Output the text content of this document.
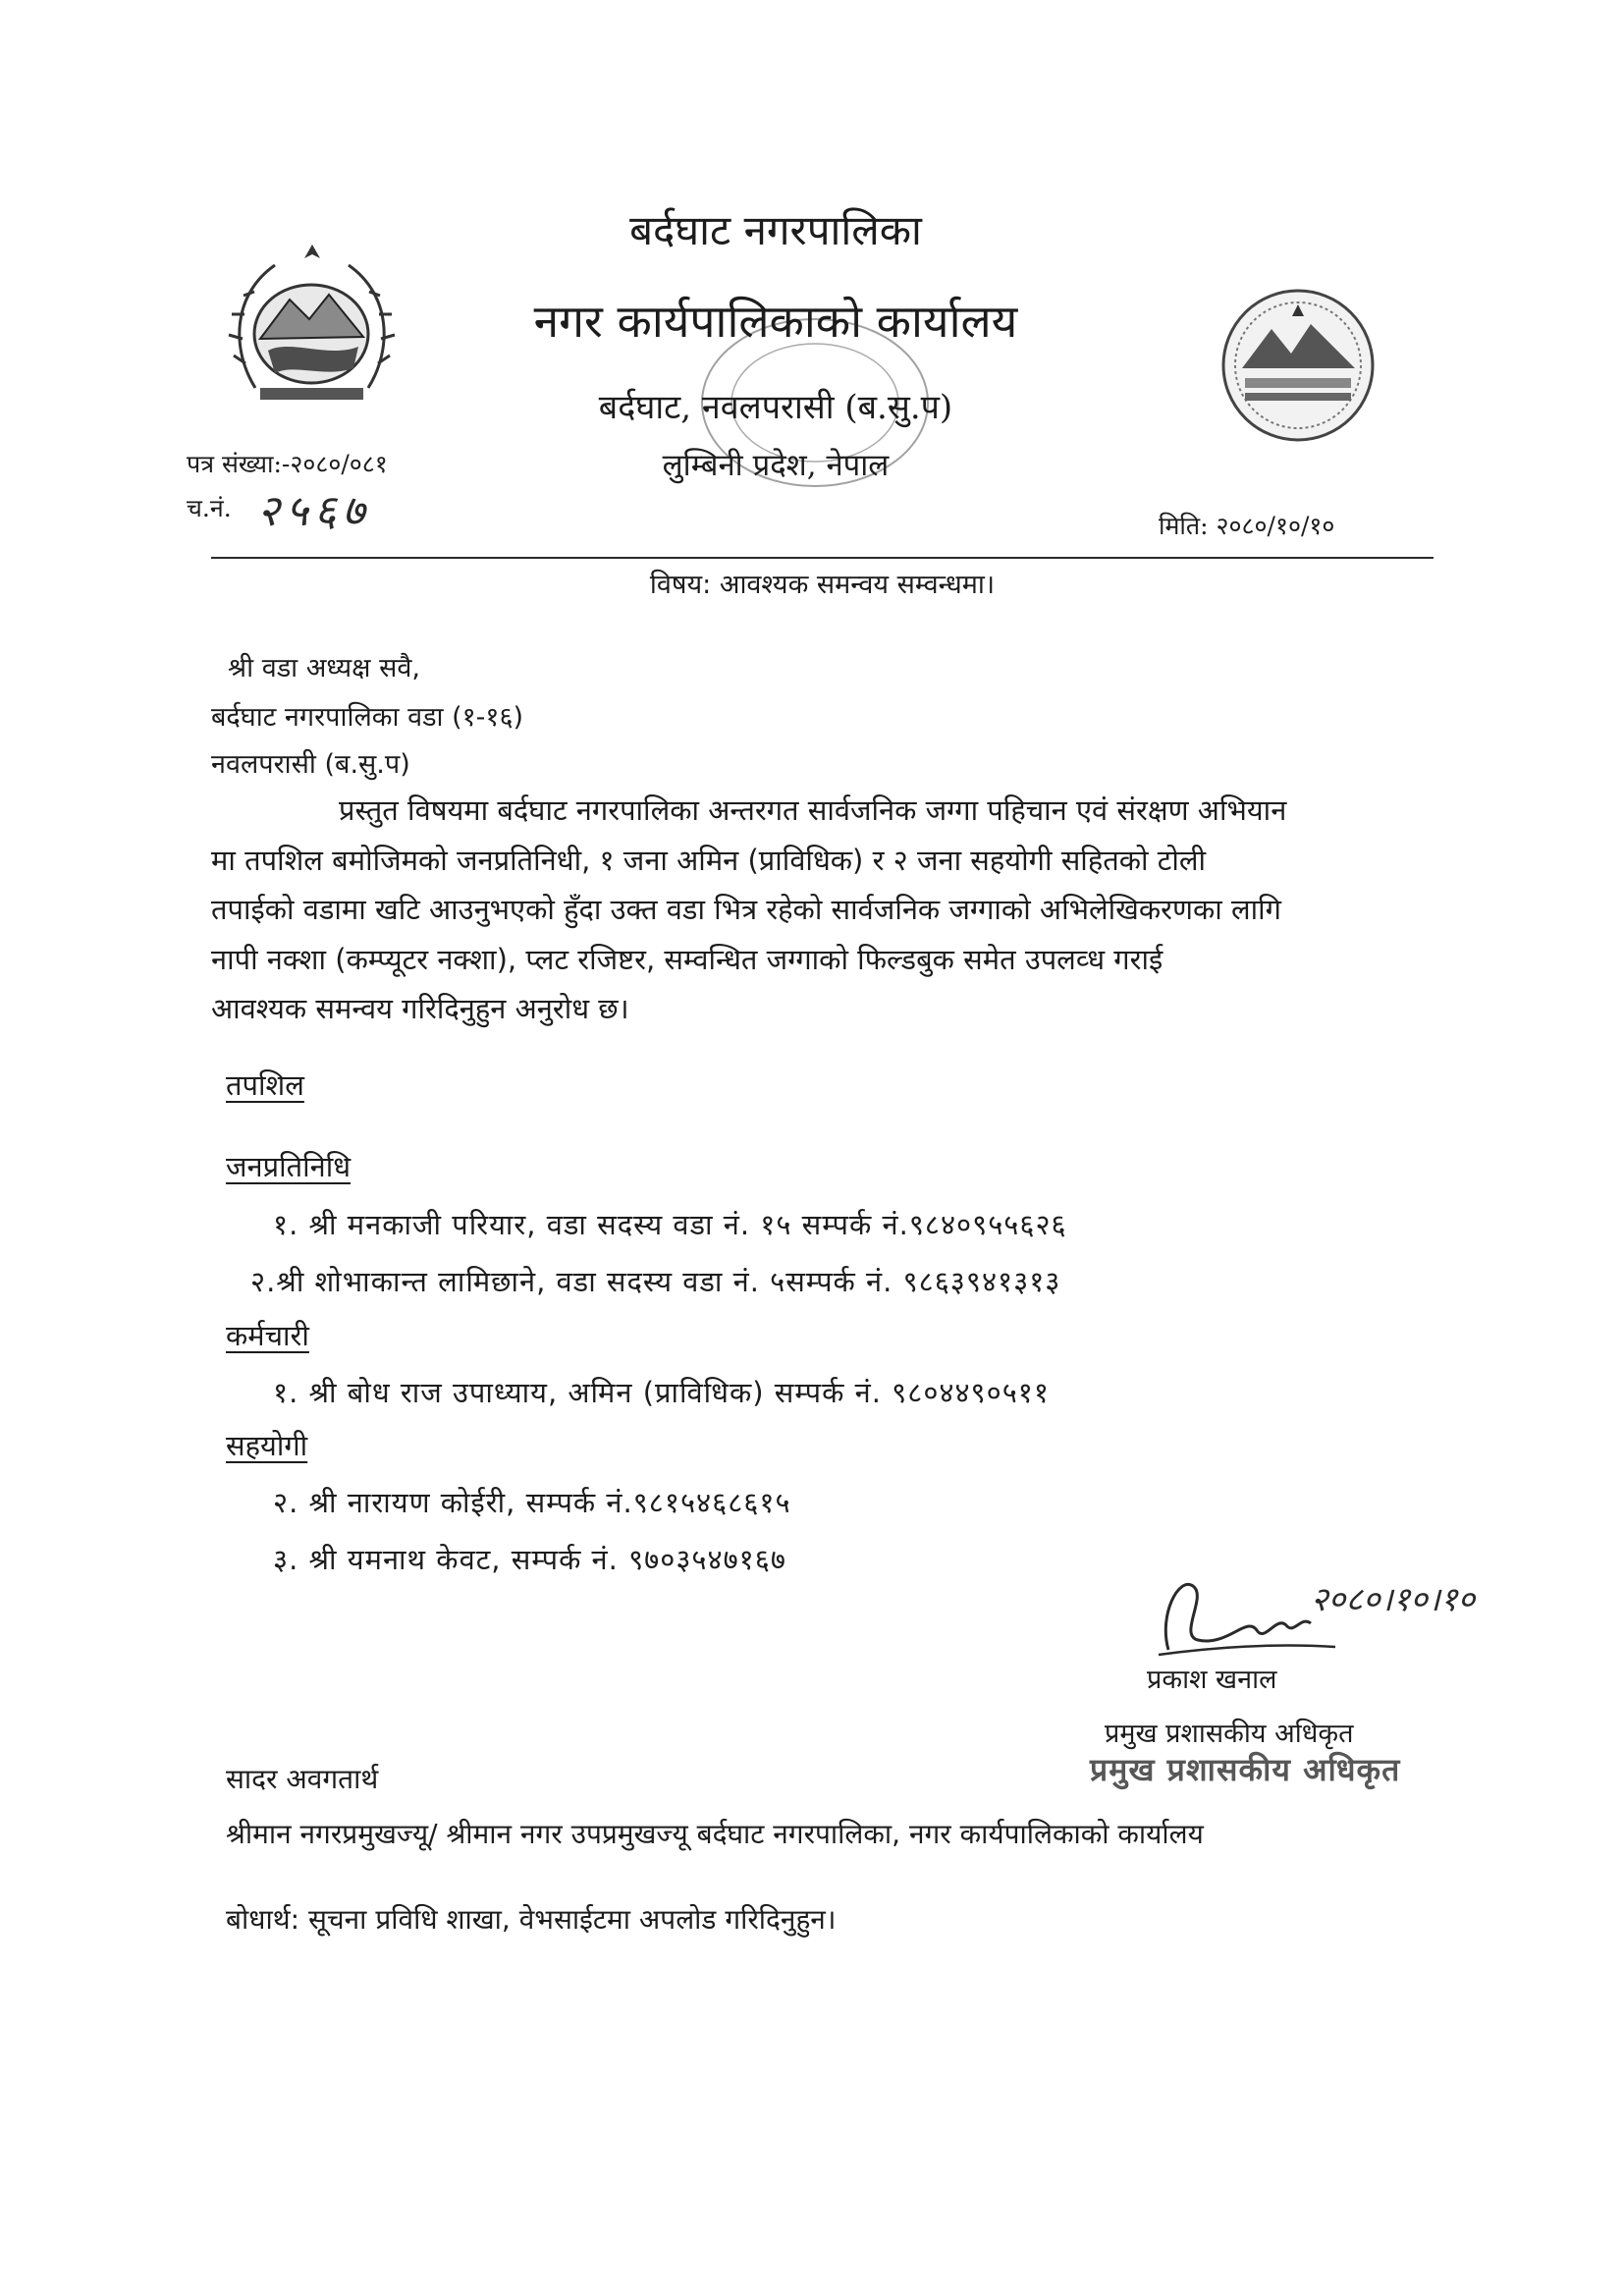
बर्दघाट नगरपालिका
नगर कार्यपालिकाको कार्यालय
बर्दघाट, नवलपरासी (ब.सु.प)
लुम्बिनी प्रदेश, नेपाल
पत्र संख्या:-२०८०/०८१
च.नं. २५६७	मिति: २०८०/१०/१०
विषय: आवश्यक समन्वय सम्वन्धमा।
श्री वडा अध्यक्ष सवै,
बर्दघाट नगरपालिका वडा (१-१६)
नवलपरासी (ब.सु.प)
प्रस्तुत विषयमा बर्दघाट नगरपालिका अन्तरगत सार्वजनिक जग्गा पहिचान एवं संरक्षण अभियान
मा तपशिल बमोजिमको जनप्रतिनिधी, १ जना अमिन (प्राविधिक) र २ जना सहयोगी सहितको टोली
तपाईको वडामा खटि आउनुभएको हुँदा उक्त वडा भित्र रहेको सार्वजनिक जग्गाको अभिलेखिकरणका लागि
नापी नक्शा (कम्प्यूटर नक्शा), प्लट रजिष्टर, सम्वन्धित जग्गाको फिल्डबुक समेत उपलव्ध गराई
आवश्यक समन्वय गरिदिनुहुन अनुरोध छ।
तपशिल
जनप्रतिनिधि
१. श्री मनकाजी परियार, वडा सदस्य वडा नं. १५ सम्पर्क नं.९८४०९५५६२६
२.श्री शोभाकान्त लामिछाने, वडा सदस्य वडा नं. ५सम्पर्क नं. ९८६३९४१३१३
कर्मचारी
१. श्री बोध राज उपाध्याय, अमिन (प्राविधिक) सम्पर्क नं. ९८०४४९०५११
सहयोगी
२. श्री नारायण कोईरी, सम्पर्क नं.९८१५४६८६१५
३. श्री यमनाथ केवट, सम्पर्क नं. ९७०३५४७१६७
२०८०।१०।१०
प्रकाश खनाल
प्रमुख प्रशासकीय अधिकृत
प्रमुख प्रशासकीय अधिकृत
सादर अवगतार्थ
श्रीमान नगरप्रमुखज्यू/ श्रीमान नगर उपप्रमुखज्यू बर्दघाट नगरपालिका, नगर कार्यपालिकाको कार्यालय
बोधार्थ: सूचना प्रविधि शाखा, वेभसाईटमा अपलोड गरिदिनुहुन।
